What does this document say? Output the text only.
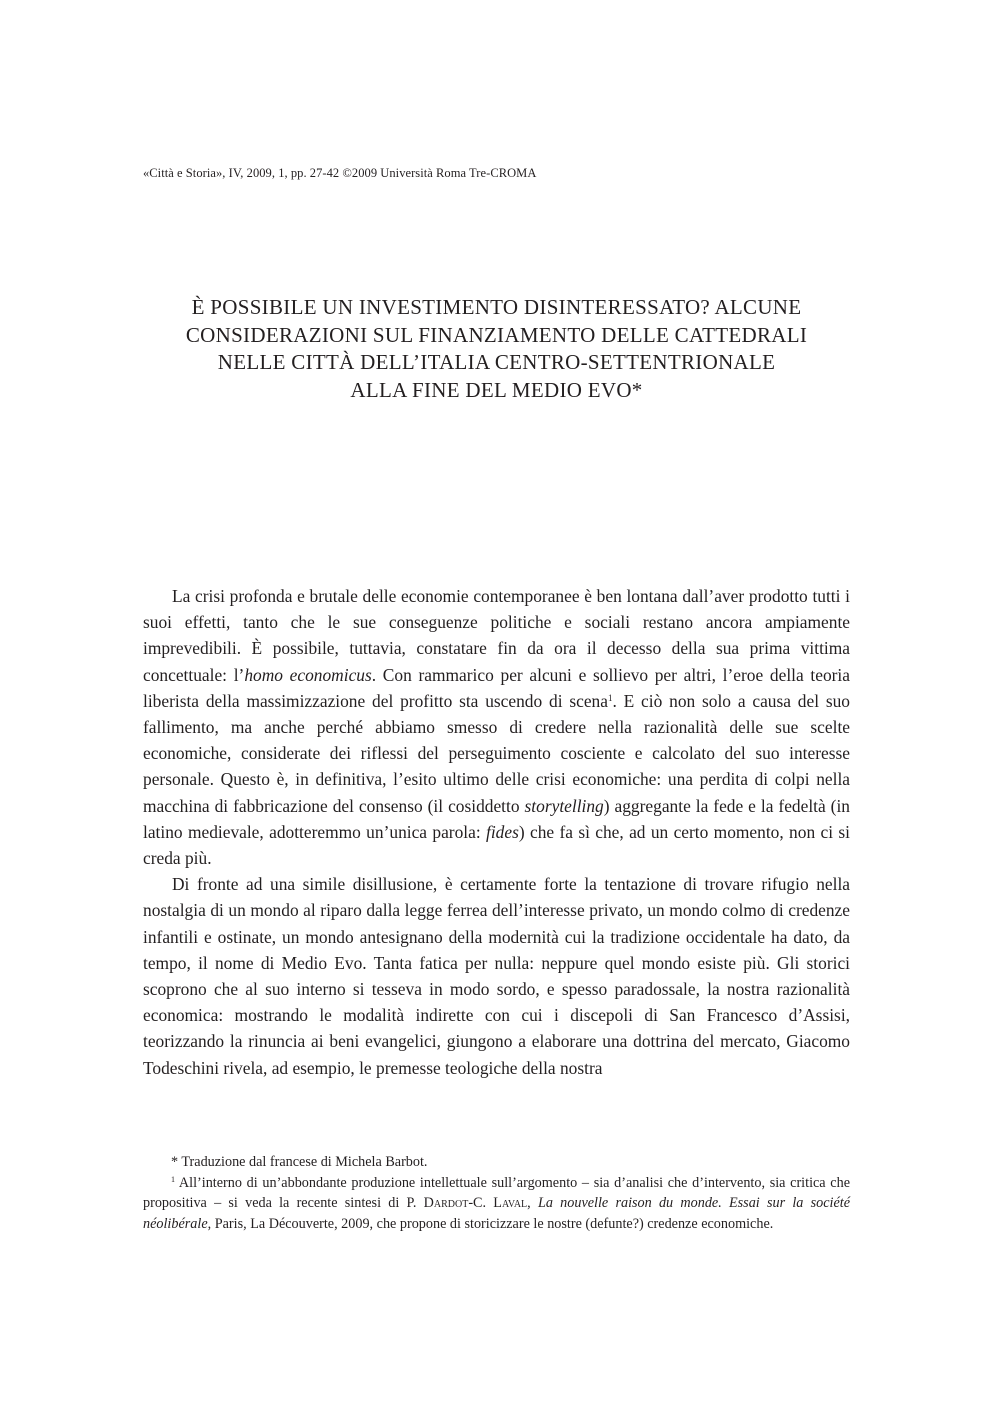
«Città e Storia», IV, 2009, 1, pp. 27-42 ©2009 Università Roma Tre-CROMA
È POSSIBILE UN INVESTIMENTO DISINTERESSATO? ALCUNE
CONSIDERAZIONI SUL FINANZIAMENTO DELLE CATTEDRALI
NELLE CITTÀ DELL’ITALIA CENTRO-SETTENTRIONALE
ALLA FINE DEL MEDIO EVO*

La crisi profonda e brutale delle economie contemporanee è ben lontana dall’aver prodotto tutti i suoi effetti, tanto che le sue conseguenze politiche e sociali restano ancora ampiamente imprevedibili. È possibile, tuttavia, constatare fin da ora il decesso della sua prima vittima concettuale: l’homo economicus. Con rammarico per alcuni e sollievo per altri, l’eroe della teoria liberista della massimizzazione del profitto sta uscendo di scena$^1$. E ciò non solo a causa del suo fallimento, ma anche perché abbiamo smesso di credere nella razionalità delle sue scelte economiche, considerate dei riflessi del perseguimento cosciente e calcolato del suo interesse personale. Questo è, in definitiva, l’esito ultimo delle crisi economiche: una perdita di colpi nella macchina di fabbricazione del consenso (il cosiddetto storytelling) aggregante la fede e la fedeltà (in latino medievale, adotteremmo un’unica parola: fides) che fa sì che, ad un certo momento, non ci si creda più.

Di fronte ad una simile disillusione, è certamente forte la tentazione di trovare rifugio nella nostalgia di un mondo al riparo dalla legge ferrea dell’interesse privato, un mondo colmo di credenze infantili e ostinate, un mondo antesignano della modernità cui la tradizione occidentale ha dato, da tempo, il nome di Medio Evo. Tanta fatica per nulla: neppure quel mondo esiste più. Gli storici scoprono che al suo interno si tesseva in modo sordo, e spesso paradossale, la nostra razionalità economica: mostrando le modalità indirette con cui i discepoli di San Francesco d’Assisi, teorizzando la rinuncia ai beni evangelici, giungono a elaborare una dottrina del mercato, Giacomo Todeschini rivela, ad esempio, le premesse teologiche della nostra

* Traduzione dal francese di Michela Barbot.

$^1$ All’interno di un’abbondante produzione intellettuale sull’argomento – sia d’analisi che d’intervento, sia critica che propositiva – si veda la recente sintesi di P. Dardot-C. Laval, La nouvelle raison du monde. Essai sur la société néolibérale, Paris, La Découverte, 2009, che propone di storicizzare le nostre (defunte?) credenze economiche.
